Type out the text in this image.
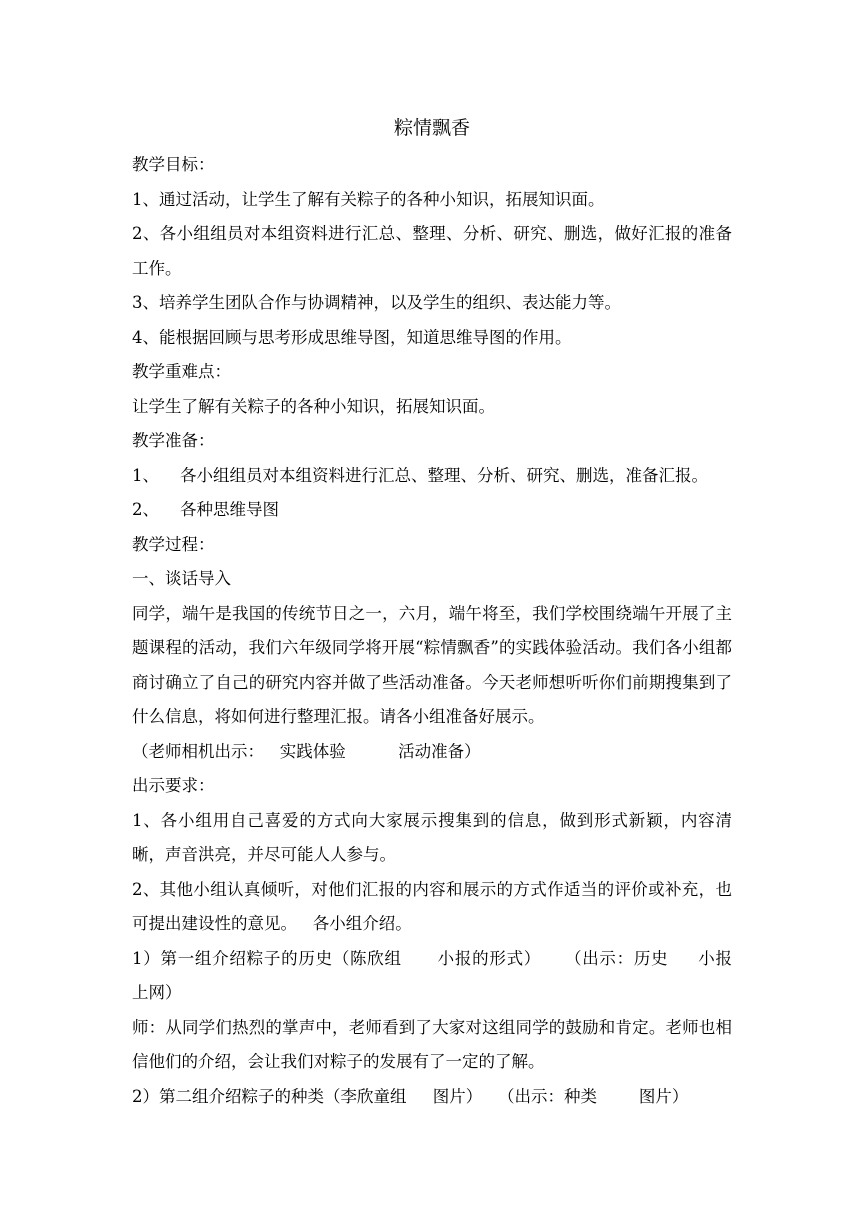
粽情飘香

教学目标：

1、通过活动，让学生了解有关粽子的各种小知识，拓展知识面。

2、各小组组员对本组资料进行汇总、整理、分析、研究、删选，做好汇报的准备工作。

3、培养学生团队合作与协调精神，以及学生的组织、表达能力等。

4、能根据回顾与思考形成思维导图，知道思维导图的作用。

教学重难点：

让学生了解有关粽子的各种小知识，拓展知识面。

教学准备：

1、    各小组组员对本组资料进行汇总、整理、分析、研究、删选，准备汇报。

2、    各种思维导图

教学过程：

一、谈话导入

同学，端午是我国的传统节日之一，六月，端午将至，我们学校围绕端午开展了主题课程的活动，我们六年级同学将开展“粽情飘香”的实践体验活动。我们各小组都商讨确立了自己的研究内容并做了些活动准备。今天老师想听听你们前期搜集到了什么信息，将如何进行整理汇报。请各小组准备好展示。

（老师相机出示：   实践体验          活动准备）

出示要求：

1、各小组用自己喜爱的方式向大家展示搜集到的信息，做到形式新颖，内容清晰，声音洪亮，并尽可能人人参与。

2、其他小组认真倾听，对他们汇报的内容和展示的方式作适当的评价或补充，也可提出建设性的意见。   各小组介绍。

1）第一组介绍粽子的历史（陈欣组      小报的形式）    （出示：历史     小报     上网）

师：从同学们热烈的掌声中，老师看到了大家对这组同学的鼓励和肯定。老师也相信他们的介绍，会让我们对粽子的发展有了一定的了解。

2）第二组介绍粽子的种类（李欣童组     图片）   （出示：种类        图片）
